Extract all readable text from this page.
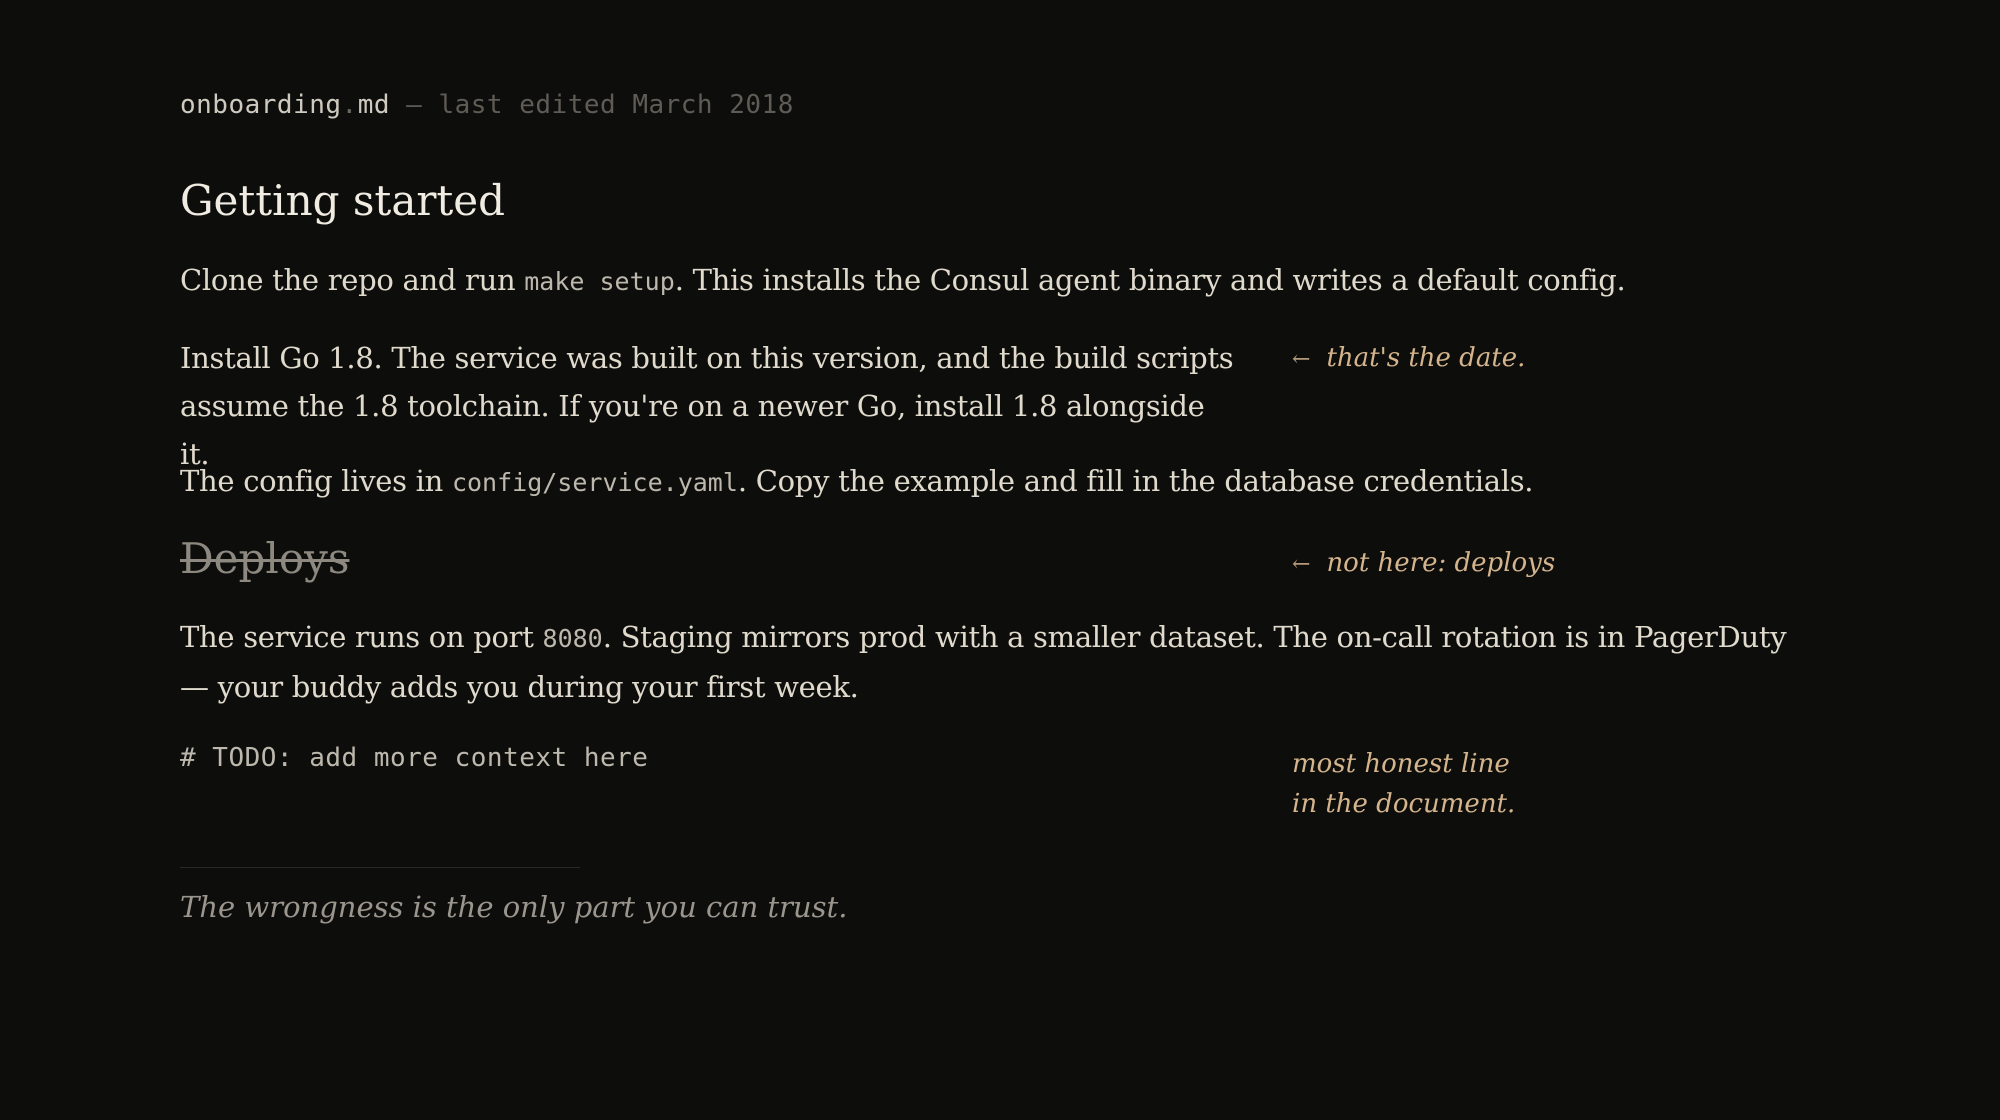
onboarding.md — last edited March 2018
Getting started

Clone the repo and run make setup. This installs the Consul agent binary and writes a default config.

Install Go 1.8. The service was built on this version, and the build scripts assume the 1.8 toolchain. If you're on a newer Go, install 1.8 alongside it.

← that's the date.

The config lives in config/service.yaml. Copy the example and fill in the database credentials.

Deploys	← not here: deploys

The service runs on port 8080. Staging mirrors prod with a smaller dataset. The on-call rotation is in PagerDuty — your buddy adds you during your first week.

# TODO: add more context here	most honest line
in the document.

The wrongness is the only part you can trust.
